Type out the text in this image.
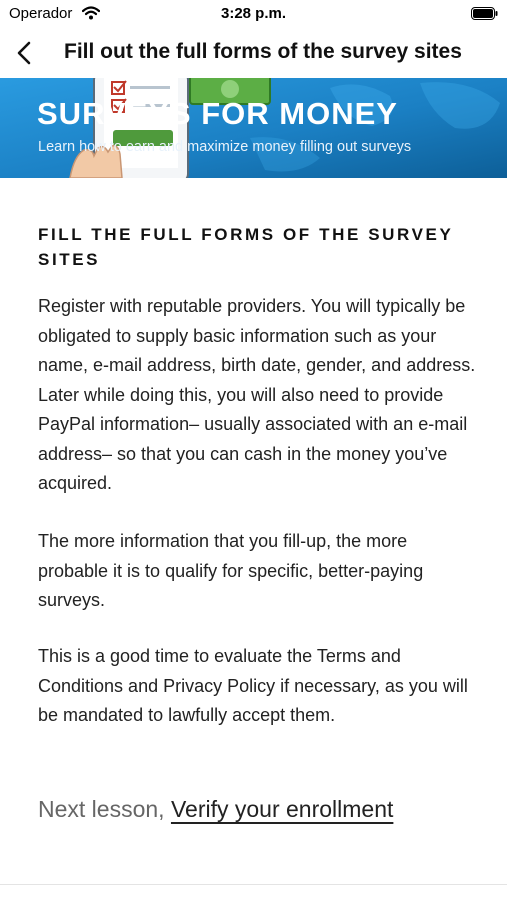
Operador	3:28 p.m.
Fill out the full forms of the survey sites
SURVEYS FOR MONEY
Learn how to earn and maximize money filling out surveys
FILL THE FULL FORMS OF THE SURVEY SITES

Register with reputable providers. You will typically be obligated to supply basic information such as your name, e-mail address, birth date, gender, and address. Later while doing this, you will also need to provide PayPal information– usually associated with an e-mail address– so that you can cash in the money you’ve acquired.

The more information that you fill-up, the more probable it is to qualify for specific, better-paying surveys.

This is a good time to evaluate the Terms and Conditions and Privacy Policy if necessary, as you will be mandated to lawfully accept them.

Next lesson, Verify your enrollment
